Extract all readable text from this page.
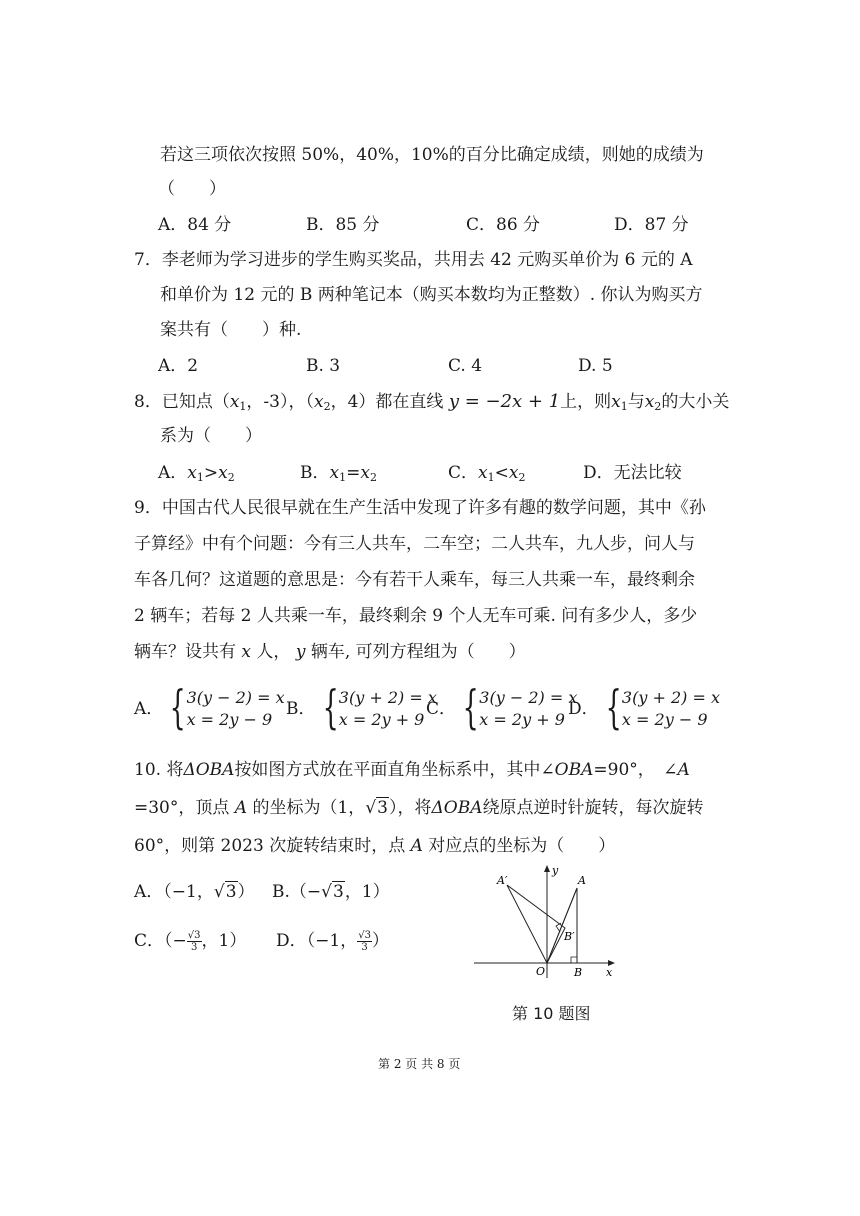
若这三项依次按照 50%，40%，10%的百分比确定成绩，则她的成绩为
（　　）
A．84 分	B．85 分	C．86 分	D．87 分
7．李老师为学习进步的学生购买奖品，共用去 42 元购买单价为 6 元的 A
和单价为 12 元的 B 两种笔记本（购买本数均为正整数）. 你认为购买方
案共有（　　）种.
A．2	B. 3	C. 4	D. 5
8．已知点（$x_1$，-3），（$x_2$，4）都在直线 y = −2x + 1上，则$x_1$与$x_2$的大小关
系为（　　）
A．$x_1>x_2$	B．$x_1=x_2$	C．$x_1<x_2$	D．无法比较
9．中国古代人民很早就在生产生活中发现了许多有趣的数学问题，其中《孙
子算经》中有个问题：今有三人共车，二车空；二人共车，九人步，问人与
车各几何？这道题的意思是：今有若干人乘车，每三人共乘一车，最终剩余
2 辆车；若每 2 人共乘一车，最终剩余 9 个人无车可乘. 问有多少人，多少
辆车？设共有 x 人， y 辆车, 可列方程组为（　　）
A． { 3(y − 2) = x
x = 2y − 9
B． { 3(y + 2) = x
x = 2y + 9
C． { 3(y − 2) = x
x = 2y + 9
D． { 3(y + 2) = x
x = 2y − 9
10. 将ΔOBA按如图方式放在平面直角坐标系中，其中∠OBA=90°，　 ∠A
=30°，顶点 A 的坐标为（1，√3），将ΔOBA绕原点逆时针旋转，每次旋转
60°，则第 2023 次旋转结束时，点 A 对应点的坐标为（　　）
A．（−1，√3） B.（−√3，1）
C．（− $\frac{√3}{3}$ ，1） D．（−1， $\frac{√3}{3}$ ）
A
A′
B′
O	B x
y
第 10 题图
第 2 页 共 8 页
